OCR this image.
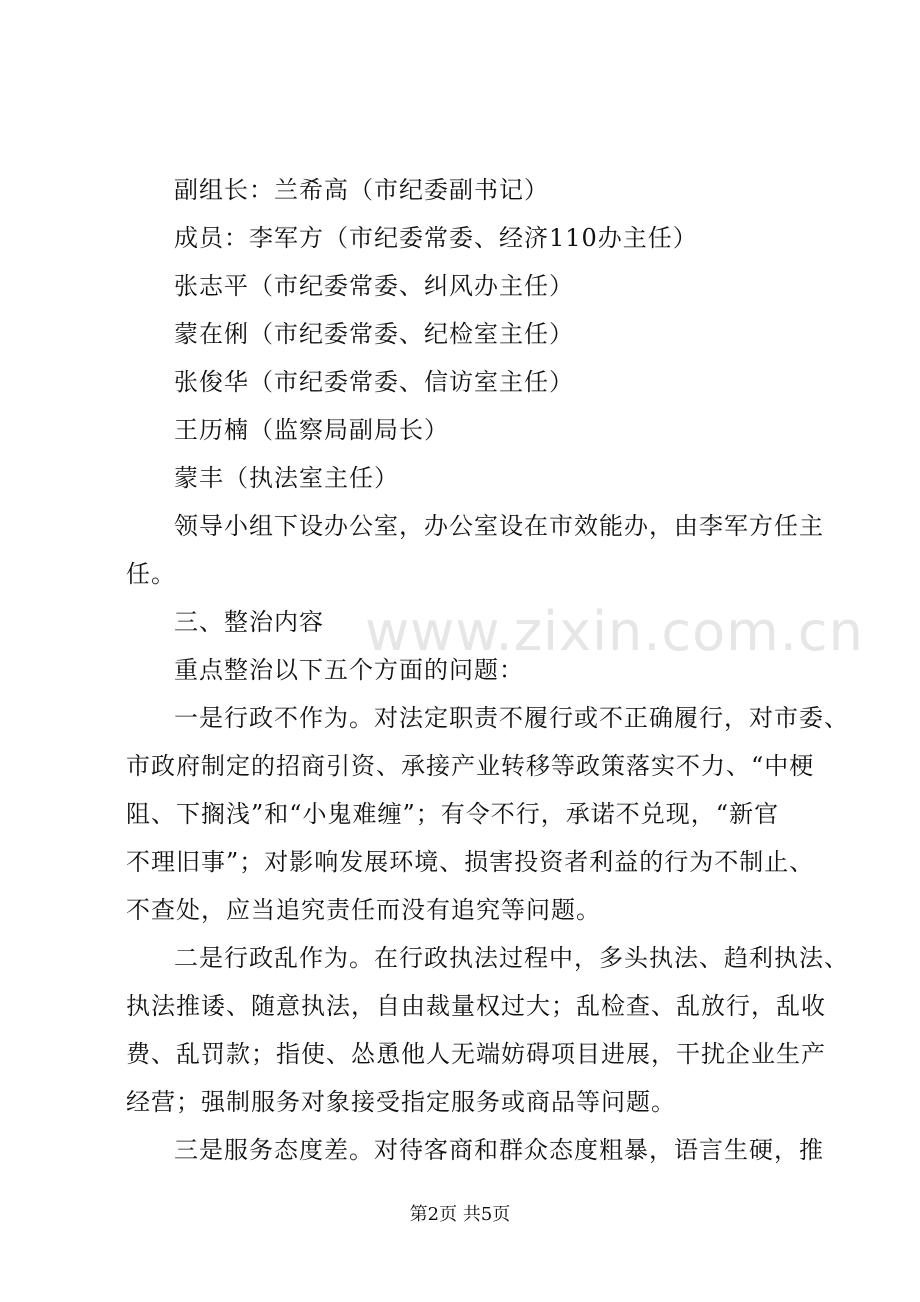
www.zixin.com.cn
副组长：兰希高（市纪委副书记）
成员：李军方（市纪委常委、经济110办主任）
张志平（市纪委常委、纠风办主任）
蒙在俐（市纪委常委、纪检室主任）
张俊华（市纪委常委、信访室主任）
王历楠（监察局副局长）
蒙丰（执法室主任）
领导小组下设办公室，办公室设在市效能办，由李军方任主
任。
三、整治内容
重点整治以下五个方面的问题：
一是行政不作为。对法定职责不履行或不正确履行，对市委、
市政府制定的招商引资、承接产业转移等政策落实不力、“中梗
阻、下搁浅”和“小鬼难缠”；有令不行，承诺不兑现，“新官
不理旧事”；对影响发展环境、损害投资者利益的行为不制止、
不查处，应当追究责任而没有追究等问题。
二是行政乱作为。在行政执法过程中，多头执法、趋利执法、
执法推诿、随意执法，自由裁量权过大；乱检查、乱放行，乱收
费、乱罚款；指使、怂恿他人无端妨碍项目进展，干扰企业生产
经营；强制服务对象接受指定服务或商品等问题。
三是服务态度差。对待客商和群众态度粗暴，语言生硬，推
第2页 共5页
